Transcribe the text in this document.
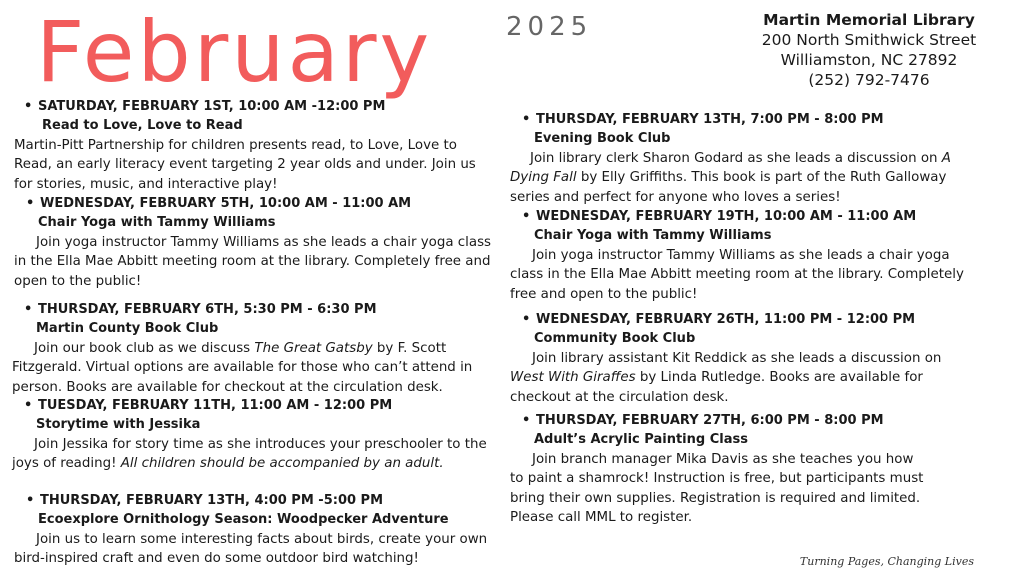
February	2025	Martin Memorial Library
200 North Smithwick Street
Williamston, NC 27892
(252) 792-7476
• SATURDAY, FEBRUARY 1ST, 10:00 AM -12:00 PM
Read to Love, Love to Read
Martin-Pitt Partnership for children presents read, to Love, Love to Read, an early literacy event targeting 2 year olds and under. Join us for stories, music, and interactive play!
• WEDNESDAY, FEBRUARY 5TH, 10:00 AM - 11:00 AM
Chair Yoga with Tammy Williams
Join yoga instructor Tammy Williams as she leads a chair yoga class in the Ella Mae Abbitt meeting room at the library. Completely free and open to the public!
• THURSDAY, FEBRUARY 6TH, 5:30 PM - 6:30 PM
Martin County Book Club
Join our book club as we discuss The Great Gatsby by F. Scott Fitzgerald. Virtual options are available for those who can’t attend in person. Books are available for checkout at the circulation desk.
• TUESDAY, FEBRUARY 11TH, 11:00 AM - 12:00 PM
Storytime with Jessika
Join Jessika for story time as she introduces your preschooler to the joys of reading! All children should be accompanied by an adult.
• THURSDAY, FEBRUARY 13TH, 4:00 PM -5:00 PM
Ecoexplore Ornithology Season: Woodpecker Adventure
Join us to learn some interesting facts about birds, create your own bird-inspired craft and even do some outdoor bird watching!
• THURSDAY, FEBRUARY 13TH, 7:00 PM - 8:00 PM
Evening Book Club
Join library clerk Sharon Godard as she leads a discussion on A Dying Fall by Elly Griffiths. This book is part of the Ruth Galloway series and perfect for anyone who loves a series!
• WEDNESDAY, FEBRUARY 19TH, 10:00 AM - 11:00 AM
Chair Yoga with Tammy Williams
Join yoga instructor Tammy Williams as she leads a chair yoga class in the Ella Mae Abbitt meeting room at the library. Completely free and open to the public!
• WEDNESDAY, FEBRUARY 26TH, 11:00 PM - 12:00 PM
Community Book Club
Join library assistant Kit Reddick as she leads a discussion on West With Giraffes by Linda Rutledge. Books are available for checkout at the circulation desk.
• THURSDAY, FEBRUARY 27TH, 6:00 PM - 8:00 PM
Adult’s Acrylic Painting Class
Join branch manager Mika Davis as she teaches you how to paint a shamrock! Instruction is free, but participants must bring their own supplies. Registration is required and limited. Please call MML to register.
Turning Pages, Changing Lives
